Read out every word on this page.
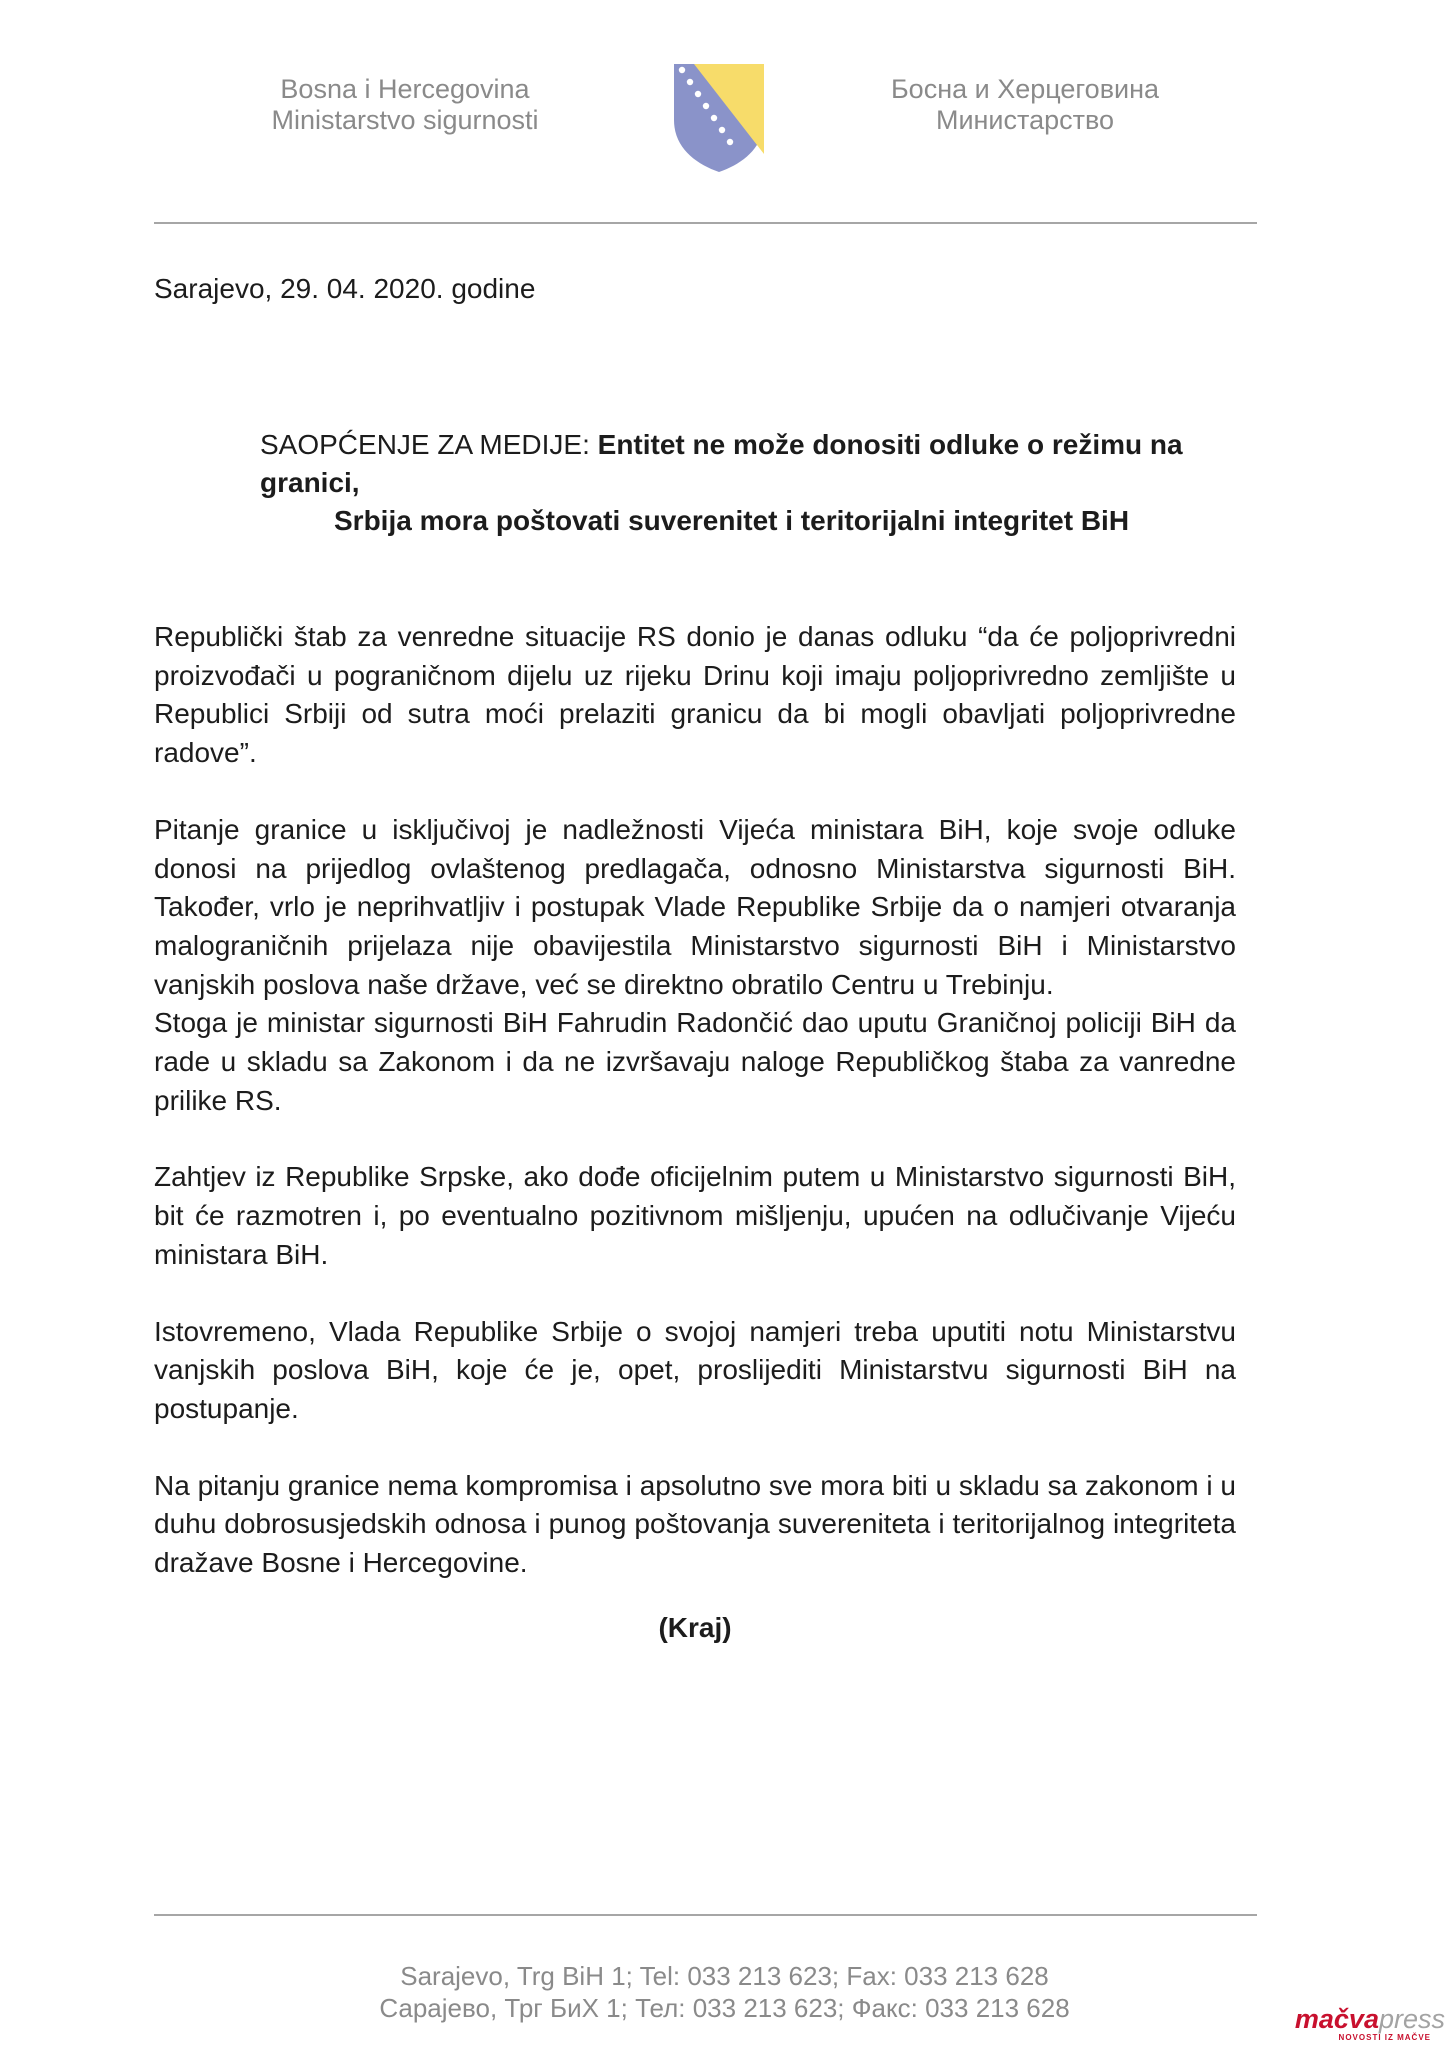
Bosna i Hercegovina
Ministarstvo sigurnosti
Босна и Херцеговина
Министарство
Sarajevo, 29. 04. 2020. godine
SAOPĆENJE ZA MEDIJE: Entitet ne može donositi odluke o režimu na granici,
Srbija mora poštovati suverenitet i teritorijalni integritet BiH

Republički štab za venredne situacije RS donio je danas odluku “da će poljoprivredni proizvođači u pograničnom dijelu uz rijeku Drinu koji imaju poljoprivredno zemljište u Republici Srbiji od sutra moći prelaziti granicu da bi mogli obavljati poljoprivredne radove”.

Pitanje granice u isključivoj je nadležnosti Vijeća ministara BiH, koje svoje odluke donosi na prijedlog ovlaštenog predlagača, odnosno Ministarstva sigurnosti BiH. Također, vrlo je neprihvatljiv i postupak Vlade Republike Srbije da o namjeri otvaranja malograničnih prijelaza nije obavijestila Ministarstvo sigurnosti BiH i Ministarstvo vanjskih poslova naše države, već se direktno obratilo Centru u Trebinju.

Stoga je ministar sigurnosti BiH Fahrudin Radončić dao uputu Graničnoj policiji BiH da rade u skladu sa Zakonom i da ne izvršavaju naloge Republičkog štaba za vanredne prilike RS.

Zahtjev iz Republike Srpske, ako dođe oficijelnim putem u Ministarstvo sigurnosti BiH, bit će razmotren i, po eventualno pozitivnom mišljenju, upućen na odlučivanje Vijeću ministara BiH.

Istovremeno, Vlada Republike Srbije o svojoj namjeri treba uputiti notu Ministarstvu vanjskih poslova BiH, koje će je, opet, proslijediti Ministarstvu sigurnosti BiH na postupanje.

Na pitanju granice nema kompromisa i apsolutno sve mora biti u skladu sa zakonom i u duhu dobrosusjedskih odnosa i punog poštovanja suvereniteta i teritorijalnog integriteta dražave Bosne i Hercegovine.

(Kraj)
Sarajevo, Trg BiH 1; Tel: 033 213 623; Fax: 033 213 628
Сарајево, Трг БиХ 1; Тел: 033 213 623; Факс: 033 213 628	mačvapress
NOVOSTI IZ MAČVE
